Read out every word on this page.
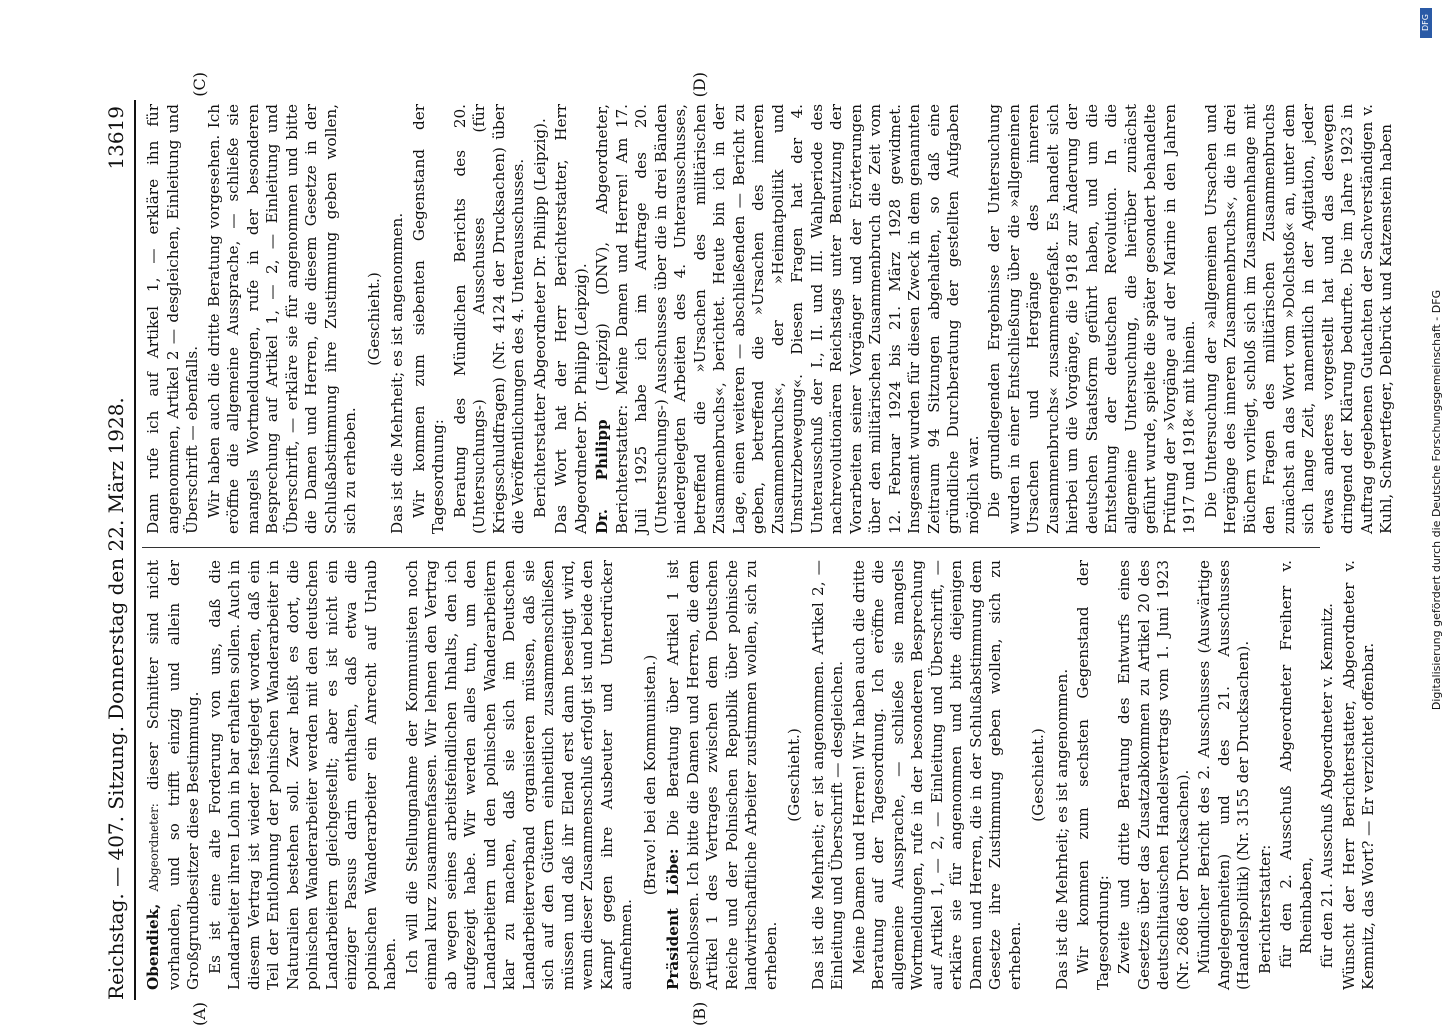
Reichstag. — 407. Sitzung.
Donnerstag den 22. März 1928.
13619

Obendiek, Abgeordneter: dieser Schnitter sind nicht vorhanden, und so trifft einzig und allein der Großgrundbesitzer diese Bestimmung. Es ist eine alte Forderung von uns, daß die Landarbeiter ihren Lohn in bar erhalten sollen. Auch in diesem Vertrag ist wieder festgelegt worden, daß ein Teil der Entlohnung der polnischen Wanderarbeiter in Naturalien bestehen soll. Zwar heißt es dort, die polnischen Wanderarbeiter werden mit den deutschen Landarbeitern gleichgestellt; aber es ist nicht ein einziger Passus darin enthalten, daß etwa die polnischen Wanderarbeiter ein Anrecht auf Urlaub haben. Ich will die Stellungnahme der Kommunisten noch einmal kurz zusammenfassen. Wir lehnen den Vertrag ab wegen seines arbeitsfeindlichen Inhalts, den ich aufgezeigt habe. Wir werden alles tun, um den Landarbeitern und den polnischen Wanderarbeitern klar zu machen, daß sie sich im Deutschen Landarbeiterverband organisieren müssen, daß sie sich auf den Gütern einheitlich zusammenschließen müssen und daß ihr Elend erst dann beseitigt wird, wenn dieser Zusammenschluß erfolgt ist und beide den Kampf gegen ihre Ausbeuter und Unterdrücker aufnehmen.

(Bravo! bei den Kommunisten.)

Präsident Löbe: Die Beratung über Artikel 1 ist geschlossen. Ich bitte die Damen und Herren, die dem Artikel 1 des Vertrages zwischen dem Deutschen Reiche und der Polnischen Republik über polnische landwirtschaftliche Arbeiter zustimmen wollen, sich zu erheben.

(Geschieht.) Das ist die Mehrheit; er ist angenommen. Artikel 2, — Einleitung und Überschrift — desgleichen. Meine Damen und Herren! Wir haben auch die dritte Beratung auf der Tagesordnung. Ich eröffne die allgemeine Aussprache, — schließe sie mangels Wortmeldungen, rufe in der besonderen Besprechung auf Artikel 1, — 2, — Einleitung und Überschrift, — erkläre sie für angenommen und bitte diejenigen Damen und Herren, die in der Schlußabstimmung dem Gesetze ihre Zustimmung geben wollen, sich zu erheben.

(Geschieht.) Das ist die Mehrheit; es ist angenommen. Wir kommen zum sechsten Gegenstand der Tagesordnung: Zweite und dritte Beratung des Entwurfs eines Gesetzes über das Zusatzabkommen zu Artikel 20 des deutschlitauischen Handelsvertrags vom 1. Juni 1923 (Nr. 2686 der Drucksachen). Mündlicher Bericht des 2. Ausschusses (Auswärtige Angelegenheiten) und des 21. Ausschusses (Handelspolitik) (Nr. 3155 der Drucksachen). Berichterstatter: für den 2. Ausschuß Abgeordneter Freiherr v. Rheinbaben, für den 21. Ausschuß Abgeordneter v. Kemnitz. Wünscht der Herr Berichterstatter, Abgeordneter v. Kemnitz, das Wort? — Er verzichtet offenbar.

Dann rufe ich auf Artikel 1, — erkläre ihn für angenommen, Artikel 2 — desgleichen, Einleitung und Überschrift — ebenfalls. Wir haben auch die dritte Beratung vorgesehen. Ich eröffne die allgemeine Aussprache, — schließe sie mangels Wortmeldungen, rufe in der besonderen Besprechung auf Artikel 1, — 2, — Einleitung und Überschrift, — erkläre sie für angenommen und bitte die Damen und Herren, die diesem Gesetze in der Schlußabstimmung ihre Zustimmung geben wollen, sich zu erheben.

(Geschieht.) Das ist die Mehrheit; es ist angenommen. Wir kommen zum siebenten Gegenstand der Tagesordnung: Beratung des Mündlichen Berichts des 20. (Untersuchungs-) Ausschusses (für Kriegsschuldfragen) (Nr. 4124 der Drucksachen) über die Veröffentlichungen des 4. Unterausschusses. Berichterstatter Abgeordneter Dr. Philipp (Leipzig). Das Wort hat der Herr Berichterstatter, Herr Abgeordneter Dr. Philipp (Leipzig). Dr. Philipp (Leipzig) (DNV), Abgeordneter, Berichterstatter: Meine Damen und Herren! Am 17. Juli 1925 habe ich im Auftrage des 20. (Untersuchungs-) Ausschusses über die in drei Bänden niedergelegten Arbeiten des 4. Unterausschusses, betreffend die »Ursachen des militärischen Zusammenbruchs«, berichtet. Heute bin ich in der Lage, einen weiteren — abschließenden — Bericht zu geben, betreffend die »Ursachen des inneren Zusammenbruchs«, der »Heimatpolitik und Umsturzbewegung«. Diesen Fragen hat der 4. Unterausschuß der I., II. und III. Wahlperiode des nachrevolutionären Reichstags unter Benutzung der Vorarbeiten seiner Vorgänger und der Erörterungen über den militärischen Zusammenbruch die Zeit vom 12. Februar 1924 bis 21. März 1928 gewidmet. Insgesamt wurden für diesen Zweck in dem genannten Zeitraum 94 Sitzungen abgehalten, so daß eine gründliche Durchberatung der gestellten Aufgaben möglich war. Die grundlegenden Ergebnisse der Untersuchung wurden in einer Entschließung über die »allgemeinen Ursachen und Hergänge des inneren Zusammenbruchs« zusammengefaßt. Es handelt sich hierbei um die Vorgänge, die 1918 zur Änderung der deutschen Staatsform geführt haben, und um die Entstehung der deutschen Revolution. In die allgemeine Untersuchung, die hierüber zunächst geführt wurde, spielte die später gesondert behandelte Prüfung der »Vorgänge auf der Marine in den Jahren 1917 und 1918« mit hinein. Die Untersuchung der »allgemeinen Ursachen und Hergänge des inneren Zusammenbruchs«, die in drei Büchern vorliegt, schloß sich im Zusammenhange mit den Fragen des militärischen Zusammenbruchs zunächst an das Wort vom »Dolchstoß« an, unter dem sich lange Zeit, namentlich in der Agitation, jeder etwas anderes vorgestellt hat und das deswegen dringend der Klärung bedurfte. Die im Jahre 1923 in Auftrag gegebenen Gutachten der Sachverständigen v. Kuhl, Schwertfeger, Delbrück und Katzenstein haben

(A)	(B)
(C)	(D)
Digitalisierung gefördert durch die Deutsche Forschungsgemeinschaft - DFG
DFG
